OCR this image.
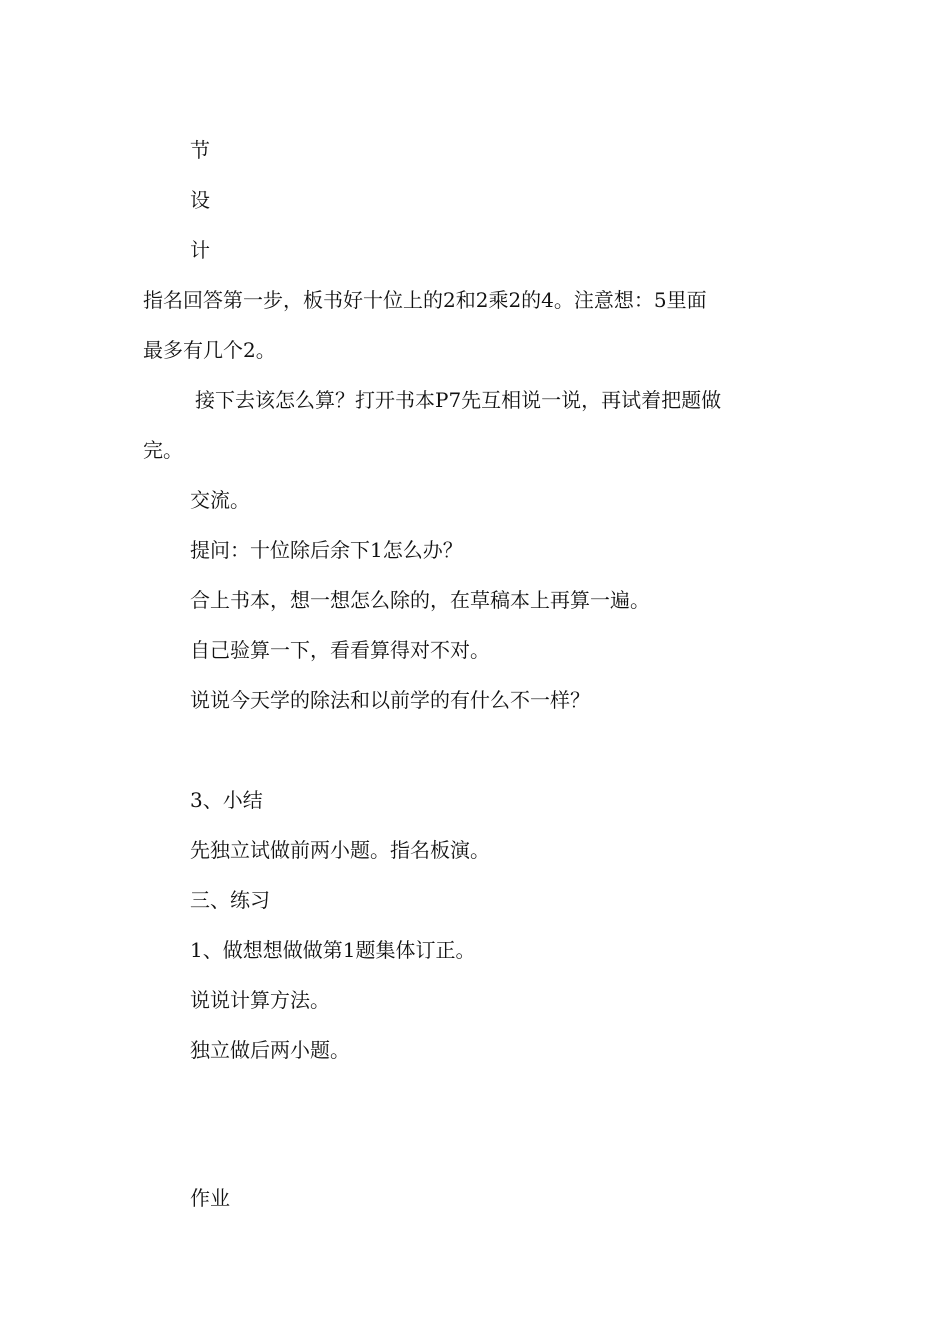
节
设
计
指名回答第一步，板书好十位上的2和2乘2的4。注意想：5里面
最多有几个2。
接下去该怎么算？打开书本P7先互相说一说，再试着把题做
完。
交流。
提问：十位除后余下1怎么办？
合上书本，想一想怎么除的，在草稿本上再算一遍。
自己验算一下，看看算得对不对。
说说今天学的除法和以前学的有什么不一样？
3、小结
先独立试做前两小题。指名板演。
三、练习
1、做想想做做第1题集体订正。
说说计算方法。
独立做后两小题。
作业
